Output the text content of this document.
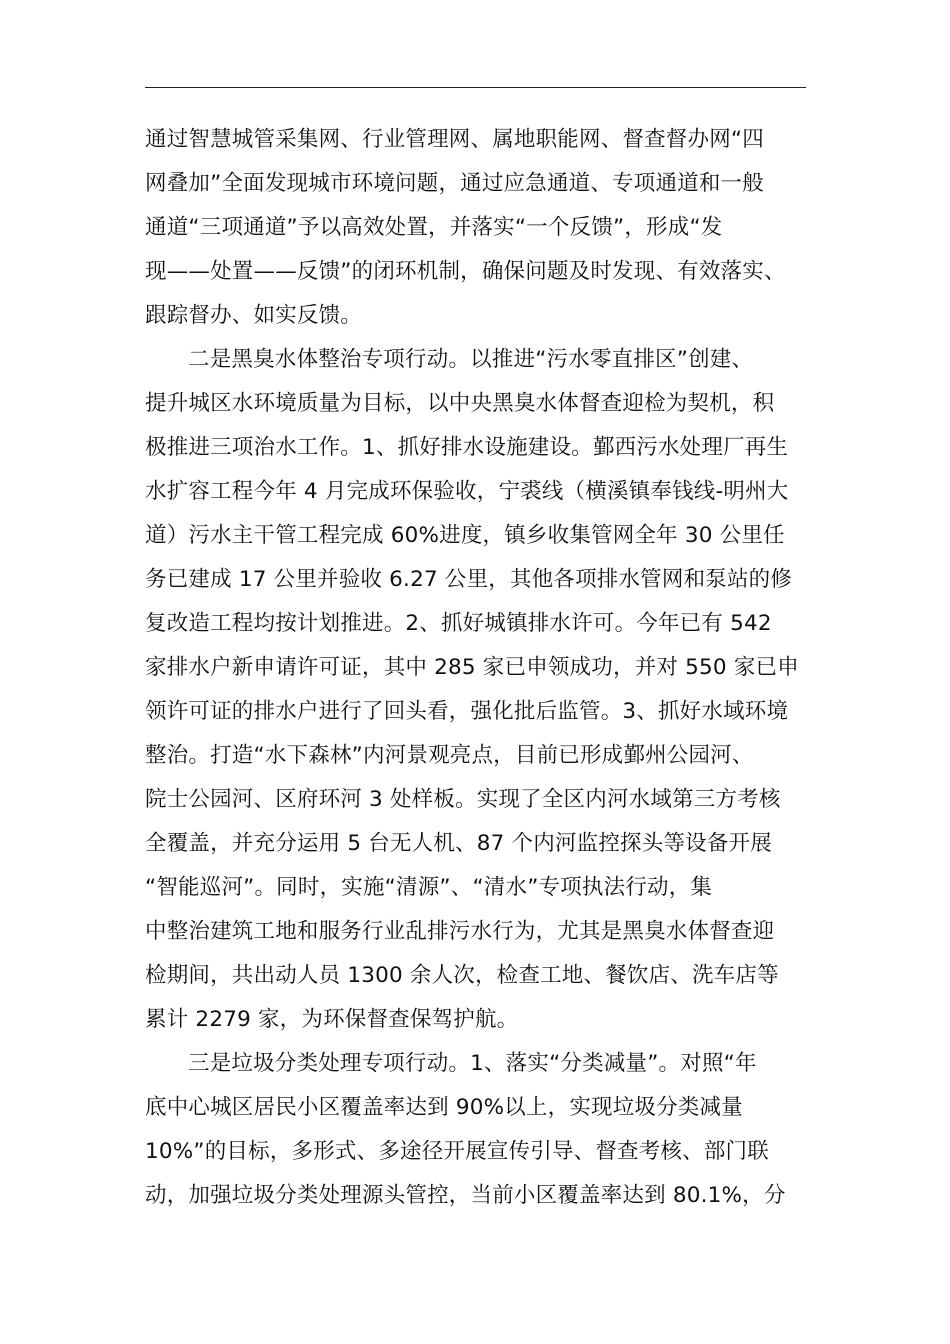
通过智慧城管采集网、行业管理网、属地职能网、督查督办网“四
网叠加”全面发现城市环境问题，通过应急通道、专项通道和一般
通道“三项通道”予以高效处置，并落实“一个反馈”，形成“发
现——处置——反馈”的闭环机制，确保问题及时发现、有效落实、
跟踪督办、如实反馈。
二是黑臭水体整治专项行动。以推进“污水零直排区”创建、
提升城区水环境质量为目标，以中央黑臭水体督查迎检为契机，积
极推进三项治水工作。1、抓好排水设施建设。鄞西污水处理厂再生
水扩容工程今年 4 月完成环保验收，宁裘线（横溪镇奉钱线-明州大
道）污水主干管工程完成 60%进度，镇乡收集管网全年 30 公里任
务已建成 17 公里并验收 6.27 公里，其他各项排水管网和泵站的修
复改造工程均按计划推进。2、抓好城镇排水许可。今年已有 542
家排水户新申请许可证，其中 285 家已申领成功，并对 550 家已申
领许可证的排水户进行了回头看，强化批后监管。3、抓好水域环境
整治。打造“水下森林”内河景观亮点，目前已形成鄞州公园河、
院士公园河、区府环河 3 处样板。实现了全区内河水域第三方考核
全覆盖，并充分运用 5 台无人机、87 个内河监控探头等设备开展
“智能巡河”。同时，实施“清源”、“清水”专项执法行动，集
中整治建筑工地和服务行业乱排污水行为，尤其是黑臭水体督查迎
检期间，共出动人员 1300 余人次，检查工地、餐饮店、洗车店等
累计 2279 家，为环保督查保驾护航。
三是垃圾分类处理专项行动。1、落实“分类减量”。对照“年
底中心城区居民小区覆盖率达到 90%以上，实现垃圾分类减量
10%”的目标，多形式、多途径开展宣传引导、督查考核、部门联
动，加强垃圾分类处理源头管控，当前小区覆盖率达到 80.1%，分
